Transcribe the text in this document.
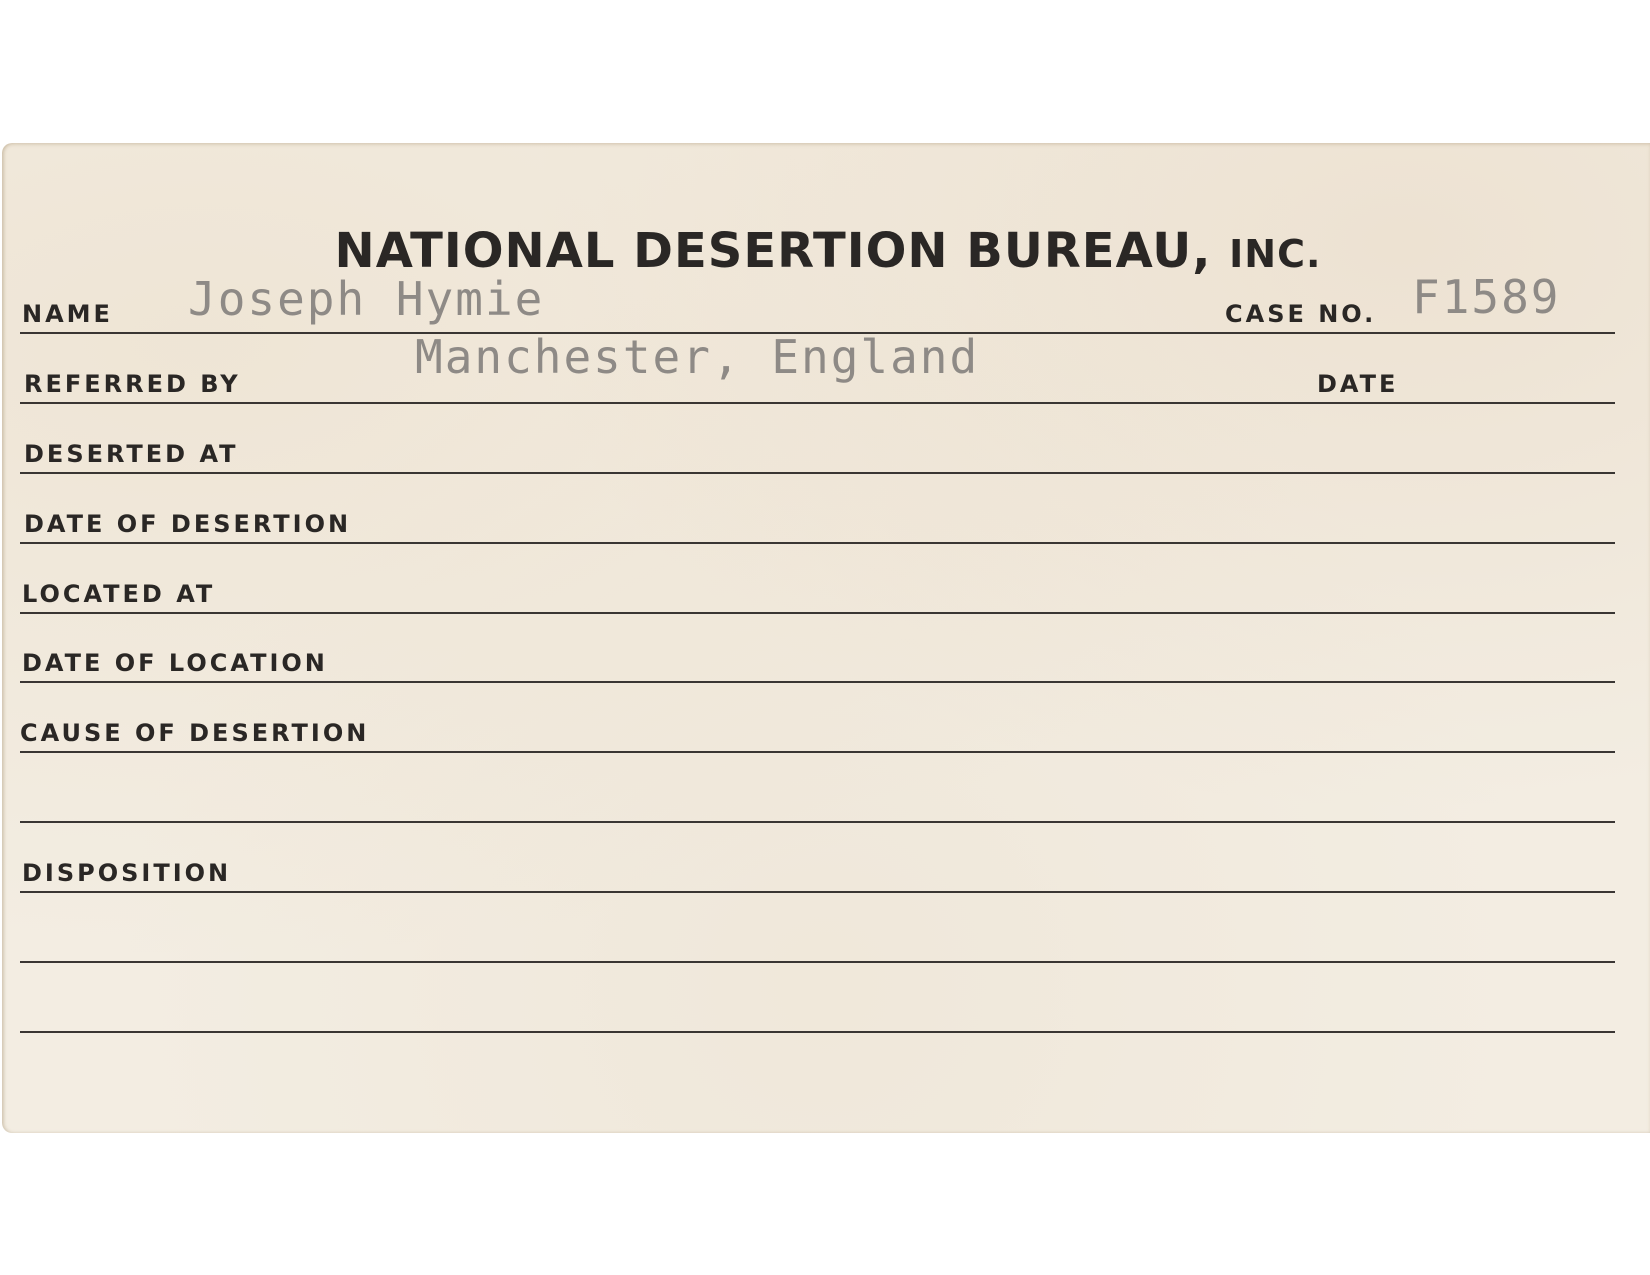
NATIONAL DESERTION BUREAU, INC.
NAME Joseph Hymie	CASE NO. F1589
REFERRED BY	Manchester, England	DATE
DESERTED AT
DATE OF DESERTION
LOCATED AT
DATE OF LOCATION
CAUSE OF DESERTION
DISPOSITION
